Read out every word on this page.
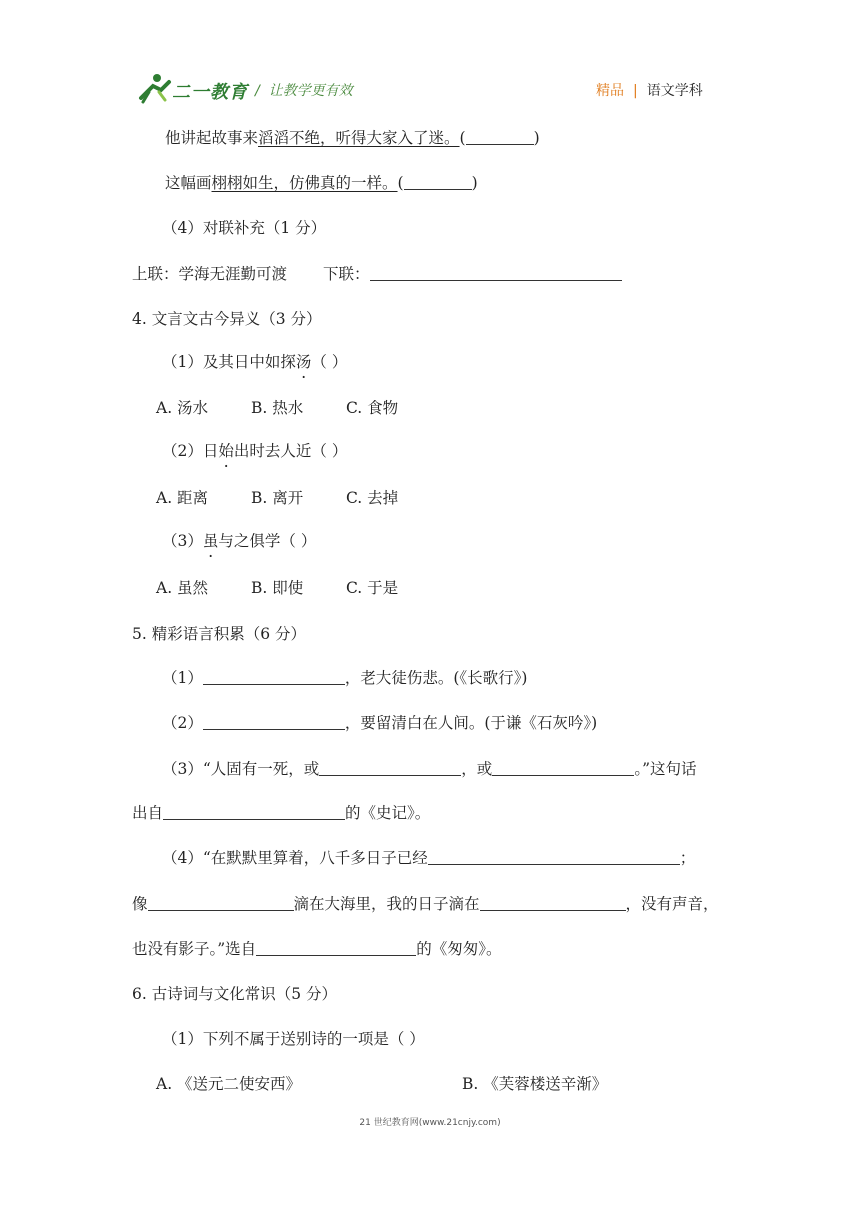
二一教育 / 让教学更有效	精品 | 语文学科
他讲起故事来滔滔不绝，听得大家入了迷。(	)
这幅画栩栩如生，仿佛真的一样。(	)
（4）对联补充（1 分）
上联：学海无涯勤可渡 下联：
4. 文言文古今异义（3 分）
（1）及其日中如探汤（ ）
A. 汤水	B. 热水	C. 食物
（2）日始出时去人近（ ）
A. 距离	B. 离开	C. 去掉
（3）虽与之俱学（ ）
A. 虽然	B. 即使	C. 于是
5. 精彩语言积累（6 分）
（1）	，老大徒伤悲。(《长歌行》)
（2）	，要留清白在人间。(于谦《石灰吟》)
（3）“人固有一死，或	，或	。”这句话
出自	的《史记》。
（4）“在默默里算着，八千多日子已经	；
像	滴在大海里，我的日子滴在	，没有声音，
也没有影子。”选自	的《匆匆》。
6. 古诗词与文化常识（5 分）
（1）下列不属于送别诗的一项是（ ）
A. 《送元二使安西》	B. 《芙蓉楼送辛渐》
21 世纪教育网(www.21cnjy.com)
